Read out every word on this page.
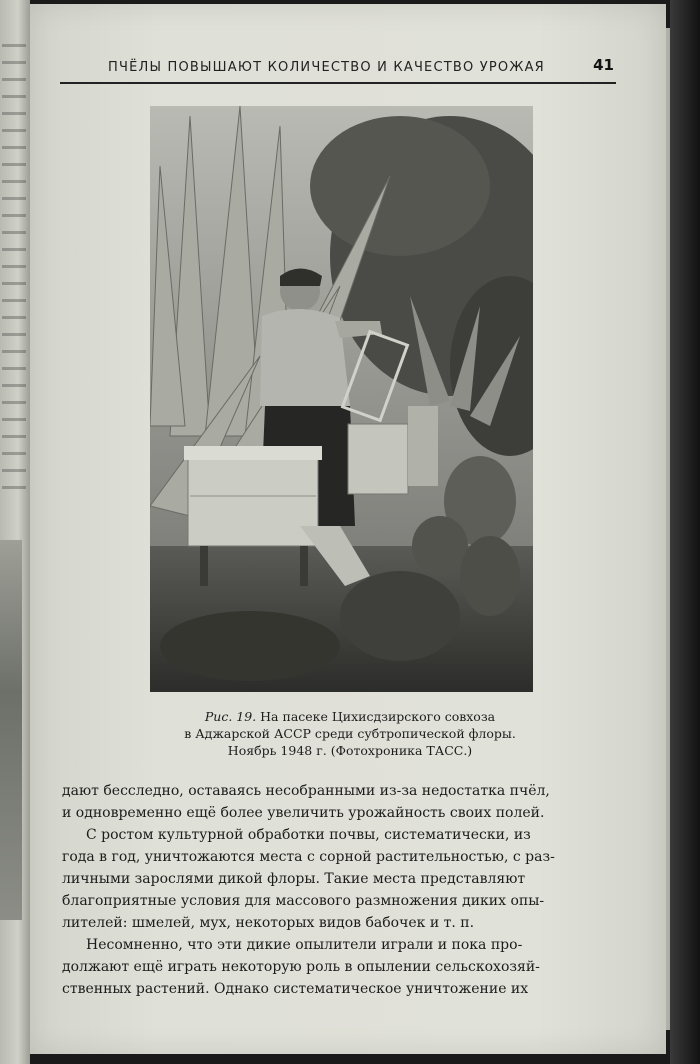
ПЧЁЛЫ ПОВЫШАЮТ КОЛИЧЕСТВО И КАЧЕСТВО УРОЖАЯ	41
Рис. 19. На пасеке Цихисдзирского совхоза
в Аджарской АССР среди субтропической флоры.
Ноябрь 1948 г. (Фотохроника ТАСС.)

дают бесследно, оставаясь несобранными из-за недостатка пчёл,
и одновременно ещё более увеличить урожайность своих полей.

С ростом культурной обработки почвы, систематически, из
года в год, уничтожаются места с сорной растительностью, с раз-
личными зарослями дикой флоры. Такие места представляют
благоприятные условия для массового размножения диких опы-
лителей: шмелей, мух, некоторых видов бабочек и т. п.

Несомненно, что эти дикие опылители играли и пока про-
должают ещё играть некоторую роль в опылении сельскохозяй-
ственных растений. Однако систематическое уничтожение их
